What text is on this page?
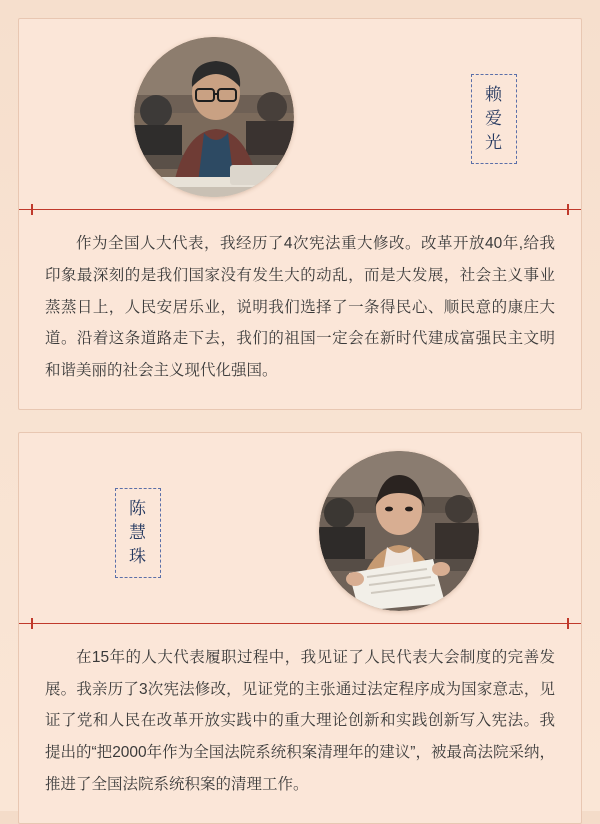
赖
爱
光

作为全国人大代表，我经历了4次宪法重大修改。改革开放40年,给我印象最深刻的是我们国家没有发生大的动乱，而是大发展，社会主义事业蒸蒸日上，人民安居乐业，说明我们选择了一条得民心、顺民意的康庄大道。沿着这条道路走下去，我们的祖国一定会在新时代建成富强民主文明和谐美丽的社会主义现代化强国。

陈
慧
珠

在15年的人大代表履职过程中，我见证了人民代表大会制度的完善发展。我亲历了3次宪法修改，见证党的主张通过法定程序成为国家意志，见证了党和人民在改革开放实践中的重大理论创新和实践创新写入宪法。我提出的“把2000年作为全国法院系统积案清理年的建议”，被最高法院采纳，推进了全国法院系统积案的清理工作。
